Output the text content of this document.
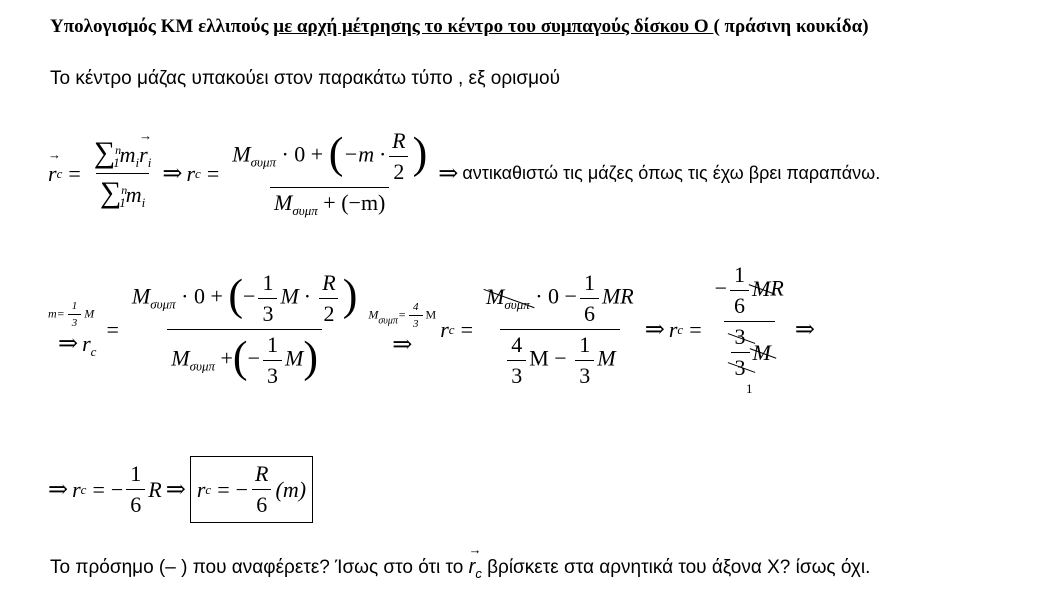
Υπολογισμός ΚΜ ελλιπούς με αρχή μέτρησης το κέντρο του συμπαγούς δίσκου Ο ( πράσινη κουκίδα)
Το κέντρο μάζας υπακούει στον παρακάτω τύπο , εξ ορισμού
→ r $c = \frac{\sum^n_1m_i\to r_i}{\sum^n_1m_i}$ ⇒ r $c = \frac{M_{\sigma\upsilon\mu\pi} \cdot 0 + (-m \cdot \frac{R}{2} )}{M_{\sigma\upsilon\mu\pi} + (-m)}$ ⇒ αντικαθιστώ τις μάζες όπως τις έχω βρει παραπάνω.
$m= \frac{1}{3}$ M
⇒ $r_c$
= $\frac{M_{\sigma\upsilon\mu\pi} \cdot 0 + (- \frac{1}{3} M \cdot \frac{R}{2} )}{M_{\sigma\upsilon\mu\pi} +(- \frac{1}{3} M)} M_{\sigma\upsilon\mu\pi}= \frac{4}{3}$ M
⇒
r $c = \frac{M_{\sigma\upsilon\mu\pi} \cdot 0 - \frac{1}{6} MR}{\frac{4}{3} M - \frac{1}{3} M}$ ⇒ r c =
− $\frac{1}{6}$ MR
$\frac{3}{3}$ M
1
⇒
⇒ r c = − $\frac{1}{6}$ R ⇒ r c = − $\frac{R}{6} (m)$
Το πρόσημο (– ) που αναφέρετε? Ίσως στο ότι $\tau o \to r_c$ βρίσκετε στα αρνητικά του άξονα Χ? ίσως όχι.
